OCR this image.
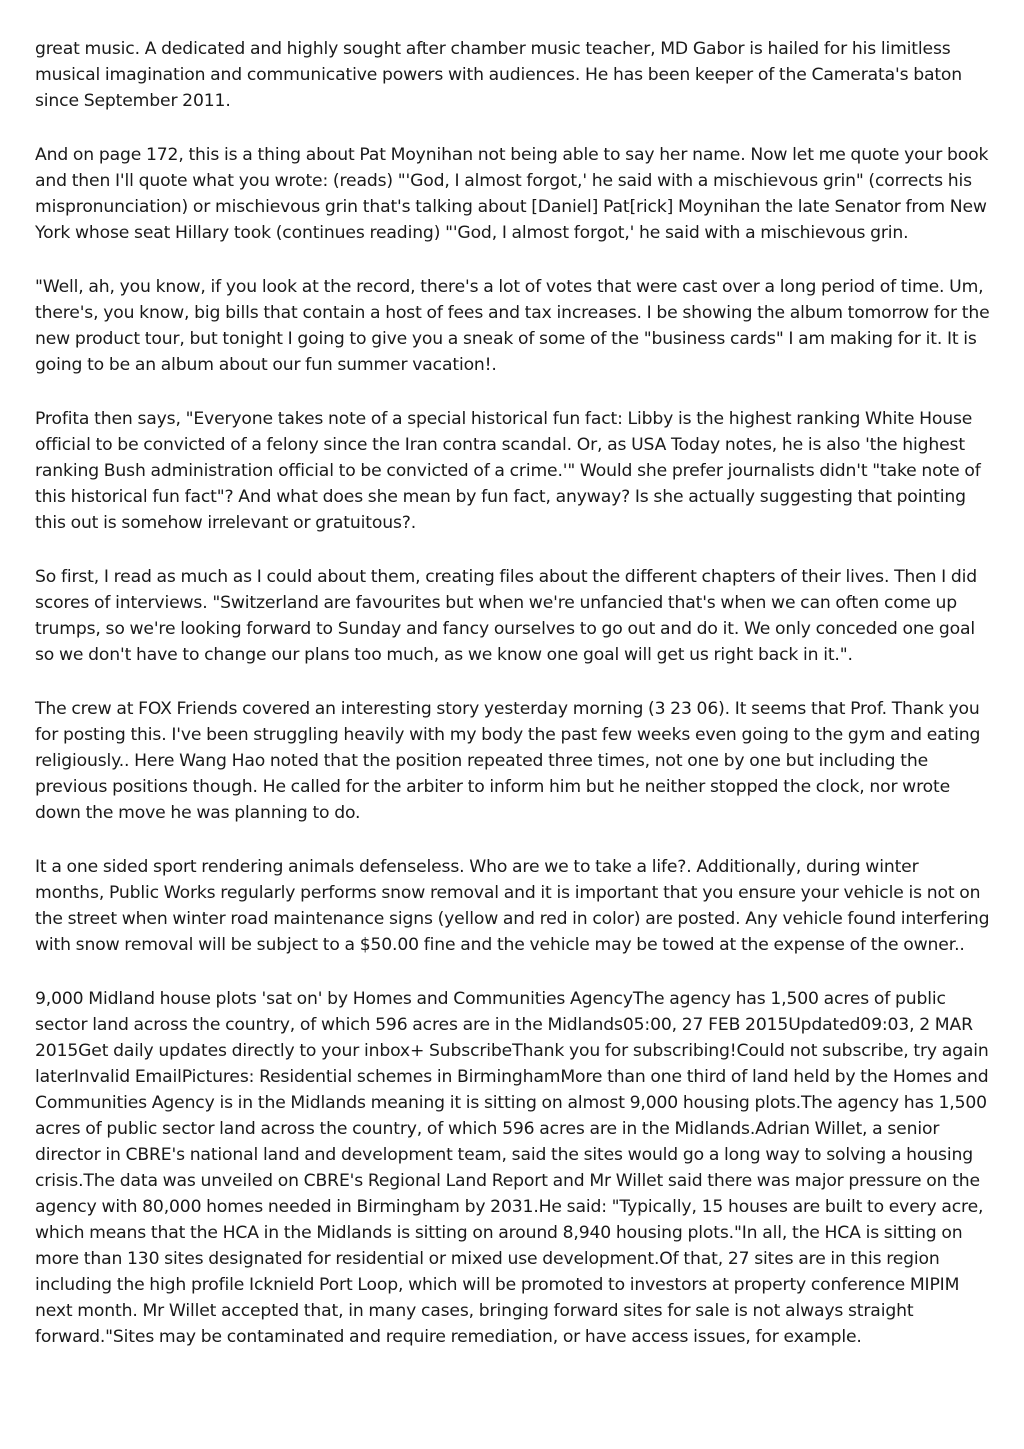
great music. A dedicated and highly sought after chamber music teacher, MD Gabor is hailed for his limitless musical imagination and communicative powers with audiences. He has been keeper of the Camerata's baton since September 2011.

And on page 172, this is a thing about Pat Moynihan not being able to say her name. Now let me quote your book and then I'll quote what you wrote: (reads) "'God, I almost forgot,' he said with a mischievous grin" (corrects his mispronunciation) or mischievous grin that's talking about [Daniel] Pat[rick] Moynihan the late Senator from New York whose seat Hillary took (continues reading) "'God, I almost forgot,' he said with a mischievous grin.

"Well, ah, you know, if you look at the record, there's a lot of votes that were cast over a long period of time. Um, there's, you know, big bills that contain a host of fees and tax increases. I be showing the album tomorrow for the new product tour, but tonight I going to give you a sneak of some of the "business cards" I am making for it. It is going to be an album about our fun summer vacation!.

Profita then says, "Everyone takes note of a special historical fun fact: Libby is the highest ranking White House official to be convicted of a felony since the Iran contra scandal. Or, as USA Today notes, he is also 'the highest ranking Bush administration official to be convicted of a crime.'" Would she prefer journalists didn't "take note of this historical fun fact"? And what does she mean by fun fact, anyway? Is she actually suggesting that pointing this out is somehow irrelevant or gratuitous?.

So first, I read as much as I could about them, creating files about the different chapters of their lives. Then I did scores of interviews. "Switzerland are favourites but when we're unfancied that's when we can often come up trumps, so we're looking forward to Sunday and fancy ourselves to go out and do it. We only conceded one goal so we don't have to change our plans too much, as we know one goal will get us right back in it.".

The crew at FOX Friends covered an interesting story yesterday morning (3 23 06). It seems that Prof. Thank you for posting this. I've been struggling heavily with my body the past few weeks even going to the gym and eating religiously.. Here Wang Hao noted that the position repeated three times, not one by one but including the previous positions though. He called for the arbiter to inform him but he neither stopped the clock, nor wrote down the move he was planning to do.

It a one sided sport rendering animals defenseless. Who are we to take a life?. Additionally, during winter months, Public Works regularly performs snow removal and it is important that you ensure your vehicle is not on the street when winter road maintenance signs (yellow and red in color) are posted. Any vehicle found interfering with snow removal will be subject to a $50.00 fine and the vehicle may be towed at the expense of the owner..

9,000 Midland house plots 'sat on' by Homes and Communities AgencyThe agency has 1,500 acres of public sector land across the country, of which 596 acres are in the Midlands05:00, 27 FEB 2015Updated09:03, 2 MAR 2015Get daily updates directly to your inbox+ SubscribeThank you for subscribing!Could not subscribe, try again laterInvalid EmailPictures: Residential schemes in BirminghamMore than one third of land held by the Homes and Communities Agency is in the Midlands meaning it is sitting on almost 9,000 housing plots.The agency has 1,500 acres of public sector land across the country, of which 596 acres are in the Midlands.Adrian Willet, a senior director in CBRE's national land and development team, said the sites would go a long way to solving a housing crisis.The data was unveiled on CBRE's Regional Land Report and Mr Willet said there was major pressure on the agency with 80,000 homes needed in Birmingham by 2031.He said: "Typically, 15 houses are built to every acre, which means that the HCA in the Midlands is sitting on around 8,940 housing plots."In all, the HCA is sitting on more than 130 sites designated for residential or mixed use development.Of that, 27 sites are in this region including the high profile Icknield Port Loop, which will be promoted to investors at property conference MIPIM next month. Mr Willet accepted that, in many cases, bringing forward sites for sale is not always straight forward."Sites may be contaminated and require remediation, or have access issues, for example.
